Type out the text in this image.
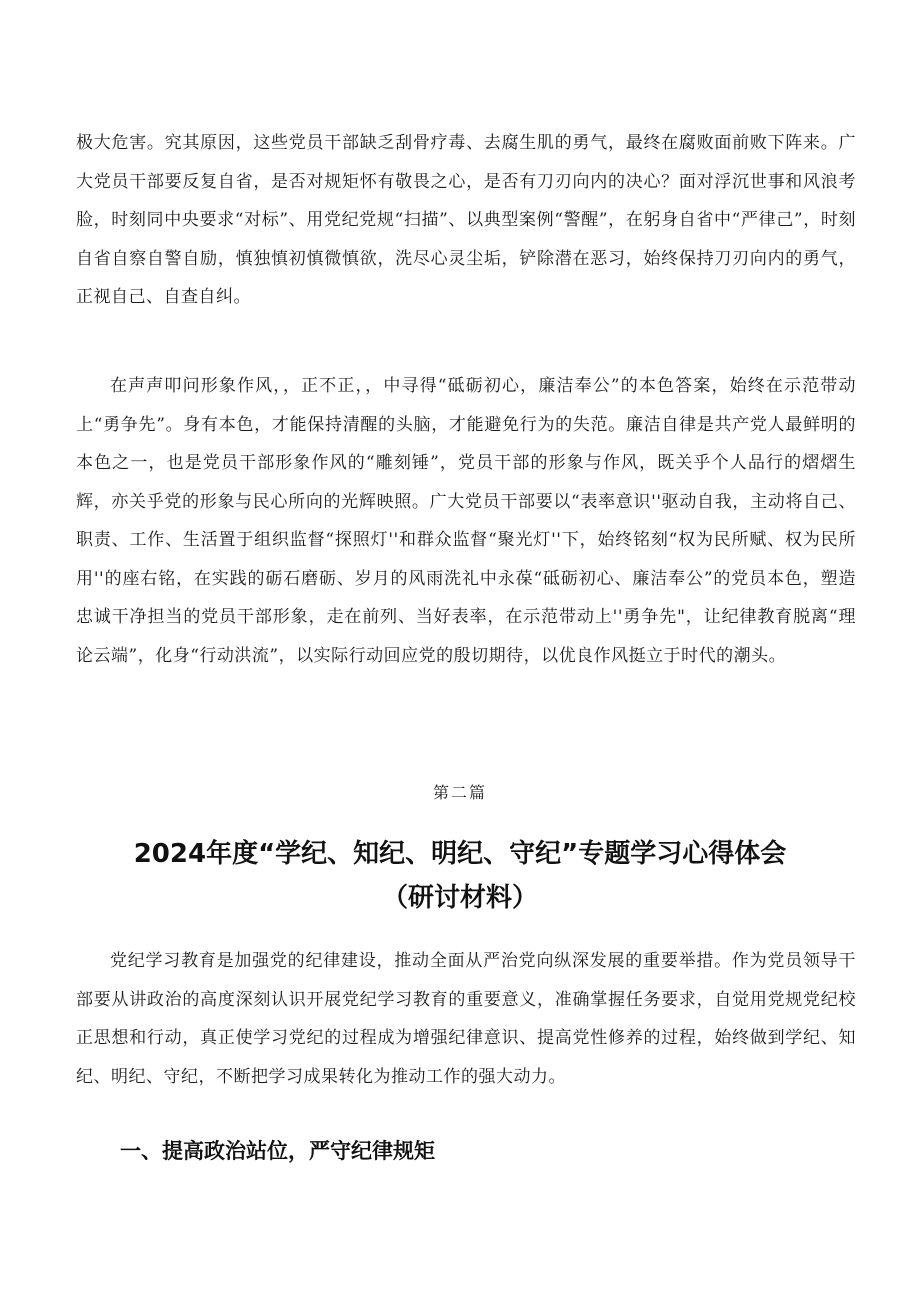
极大危害。究其原因，这些党员干部缺乏刮骨疗毒、去腐生肌的勇气，最终在腐败面前败下阵来。广大党员干部要反复自省，是否对规矩怀有敬畏之心，是否有刀刃向内的决心？面对浮沉世事和风浪考脸，时刻同中央要求“对标”、用党纪党规“扫描”、以典型案例“警醒”，在躬身自省中“严律己”，时刻自省自察自警自励，慎独慎初慎微慎欲，洗尽心灵尘垢，铲除潜在恶习，始终保持刀刃向内的勇气，正视自己、自查自纠。

在声声叩问形象作风，，正不正，，中寻得“砥砺初心，廉洁奉公”的本色答案，始终在示范带动上“勇争先”。身有本色，才能保持清醒的头脑，才能避免行为的失范。廉洁自律是共产党人最鲜明的本色之一，也是党员干部形象作风的“雕刻锤”，党员干部的形象与作风，既关乎个人品行的熠熠生辉，亦关乎党的形象与民心所向的光辉映照。广大党员干部要以“表率意识''驱动自我，主动将自己、职责、工作、生活置于组织监督“探照灯''和群众监督“聚光灯''下，始终铭刻“权为民所赋、权为民所用''的座右铭，在实践的砺石磨砺、岁月的风雨洗礼中永葆“砥砺初心、廉洁奉公”的党员本色，塑造忠诚干净担当的党员干部形象，走在前列、当好表率，在示范带动上''勇争先"，让纪律教育脱离“理论云端”，化身“行动洪流”，以实际行动回应党的殷切期待，以优良作风挺立于时代的潮头。

第二篇

2024年度“学纪、知纪、明纪、守纪”专题学习心得体会
（研讨材料）

党纪学习教育是加强党的纪律建设，推动全面从严治党向纵深发展的重要举措。作为党员领导干部要从讲政治的高度深刻认识开展党纪学习教育的重要意义，准确掌握任务要求，自觉用党规党纪校正思想和行动，真正使学习党纪的过程成为增强纪律意识、提高党性修养的过程，始终做到学纪、知纪、明纪、守纪，不断把学习成果转化为推动工作的强大动力。

一、提高政治站位，严守纪律规矩
